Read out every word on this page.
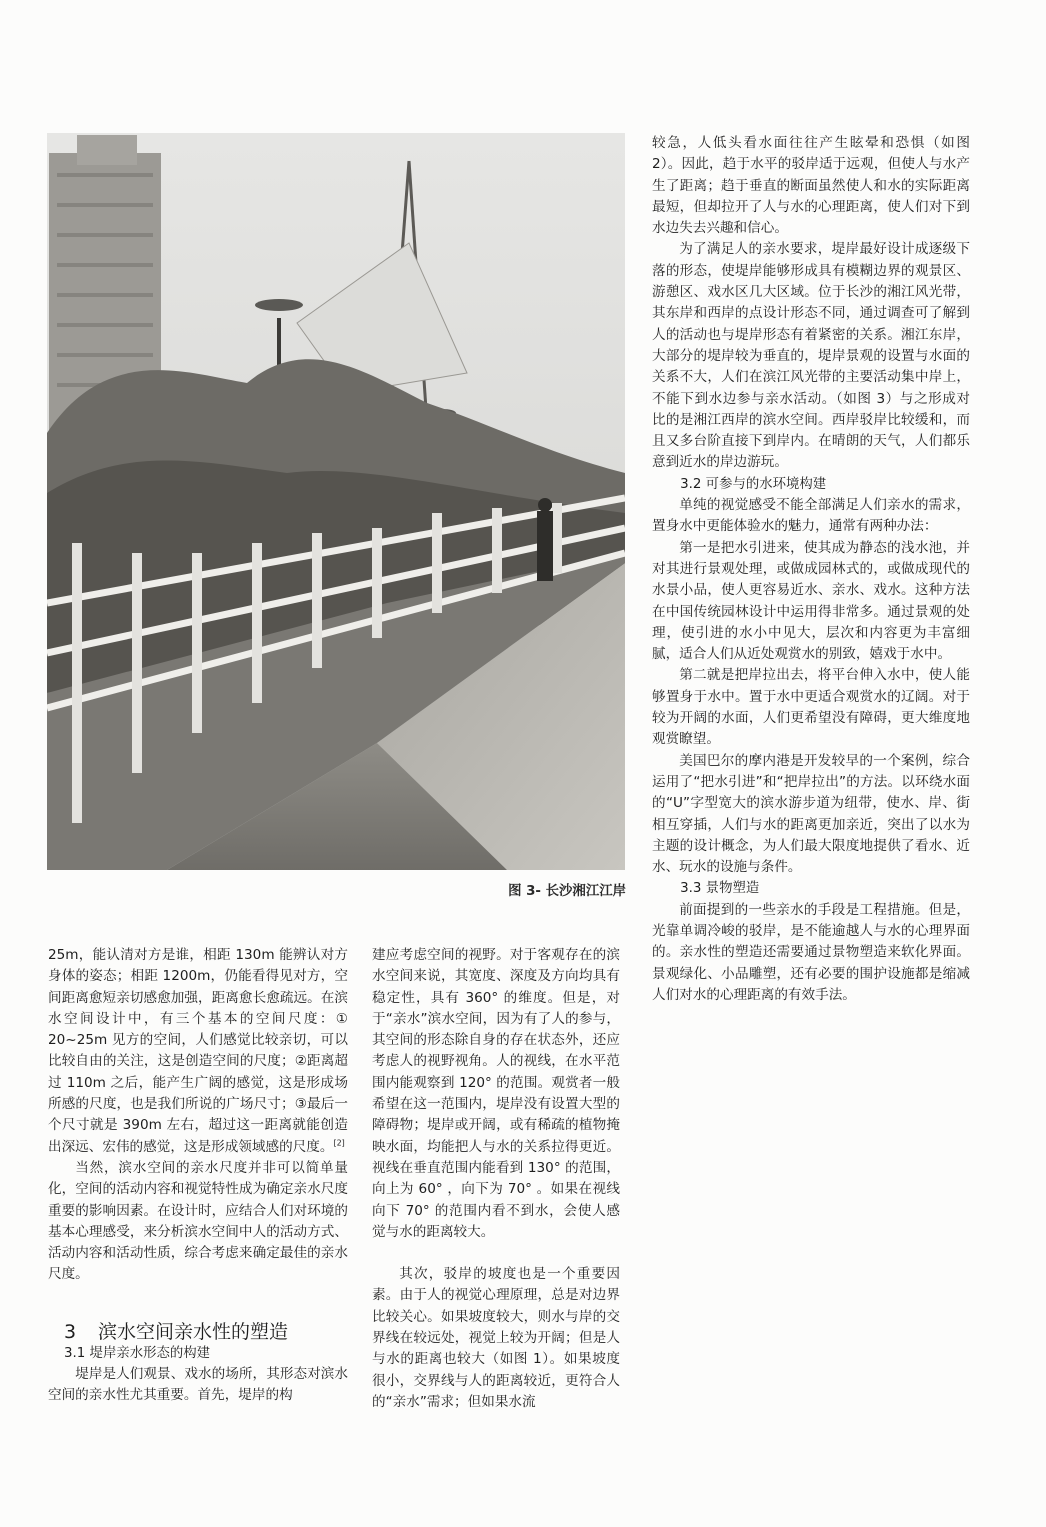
图 3- 长沙湘江江岸

较急，人低头看水面往往产生眩晕和恐惧（如图 2）。因此，趋于水平的驳岸适于远观，但使人与水产生了距离；趋于垂直的断面虽然使人和水的实际距离最短，但却拉开了人与水的心理距离，使人们对下到水边失去兴趣和信心。

为了满足人的亲水要求，堤岸最好设计成逐级下落的形态，使堤岸能够形成具有模糊边界的观景区、游憩区、戏水区几大区域。位于长沙的湘江风光带，其东岸和西岸的点设计形态不同，通过调查可了解到人的活动也与堤岸形态有着紧密的关系。湘江东岸， 大部分的堤岸较为垂直的，堤岸景观的设置与水面的关系不大，人们在滨江风光带的主要活动集中岸上，不能下到水边参与亲水活动。（如图 3）与之形成对比的是湘江西岸的滨水空间。西岸驳岸比较缓和，而且又多台阶直接下到岸内。在晴朗的天气，人们都乐意到近水的岸边游玩。

3.2 可参与的水环境构建

单纯的视觉感受不能全部满足人们亲水的需求，置身水中更能体验水的魅力，通常有两种办法：

第一是把水引进来，使其成为静态的浅水池，并对其进行景观处理，或做成园林式的，或做成现代的水景小品，使人更容易近水、亲水、戏水。这种方法在中国传统园林设计中运用得非常多。通过景观的处理，使引进的水小中见大，层次和内容更为丰富细腻，适合人们从近处观赏水的别致，嬉戏于水中。

第二就是把岸拉出去，将平台伸入水中，使人能够置身于水中。置于水中更适合观赏水的辽阔。对于较为开阔的水面，人们更希望没有障碍，更大维度地观赏瞭望。

美国巴尔的摩内港是开发较早的一个案例，综合运用了“把水引进”和“把岸拉出”的方法。以环绕水面的“U”字型宽大的滨水游步道为纽带，使水、岸、街相互穿插，人们与水的距离更加亲近，突出了以水为主题的设计概念，为人们最大限度地提供了看水、近水、玩水的设施与条件。

3.3 景物塑造

前面提到的一些亲水的手段是工程措施。但是，光靠单调冷峻的驳岸，是不能逾越人与水的心理界面的。亲水性的塑造还需要通过景物塑造来软化界面。景观绿化、小品雕塑，还有必要的围护设施都是缩减人们对水的心理距离的有效手法。

25m，能认清对方是谁，相距 130m 能辨认对方身体的姿态；相距 1200m，仍能看得见对方，空间距离愈短亲切感愈加强，距离愈长愈疏远。在滨水空间设计中，有三个基本的空间尺度：① 20~25m 见方的空间，人们感觉比较亲切，可以比较自由的关注，这是创造空间的尺度；②距离超过 110m 之后，能产生广阔的感觉，这是形成场所感的尺度，也是我们所说的广场尺寸；③最后一个尺寸就是 390m 左右，超过这一距离就能创造出深远、宏伟的感觉，这是形成领域感的尺度。[2]

当然，滨水空间的亲水尺度并非可以简单量化，空间的活动内容和视觉特性成为确定亲水尺度重要的影响因素。在设计时，应结合人们对环境的基本心理感受，来分析滨水空间中人的活动方式、活动内容和活动性质，综合考虑来确定最佳的亲水尺度。

3 滨水空间亲水性的塑造

3.1 堤岸亲水形态的构建

堤岸是人们观景、戏水的场所，其形态对滨水空间的亲水性尤其重要。首先，堤岸的构

建应考虑空间的视野。对于客观存在的滨水空间来说，其宽度、深度及方向均具有稳定性，具有 360° 的维度。但是，对于“亲水”滨水空间，因为有了人的参与，其空间的形态除自身的存在状态外，还应考虑人的视野视角。人的视线，在水平范围内能观察到 120° 的范围。观赏者一般希望在这一范围内，堤岸没有设置大型的障碍物；堤岸或开阔，或有稀疏的植物掩映水面，均能把人与水的关系拉得更近。视线在垂直范围内能看到 130° 的范围，向上为 60° ，向下为 70° 。如果在视线向下 70° 的范围内看不到水，会使人感觉与水的距离较大。

其次，驳岸的坡度也是一个重要因素。由于人的视觉心理原理，总是对边界比较关心。如果坡度较大，则水与岸的交界线在较远处，视觉上较为开阔；但是人与水的距离也较大（如图 1）。如果坡度很小，交界线与人的距离较近，更符合人的“亲水”需求；但如果水流
